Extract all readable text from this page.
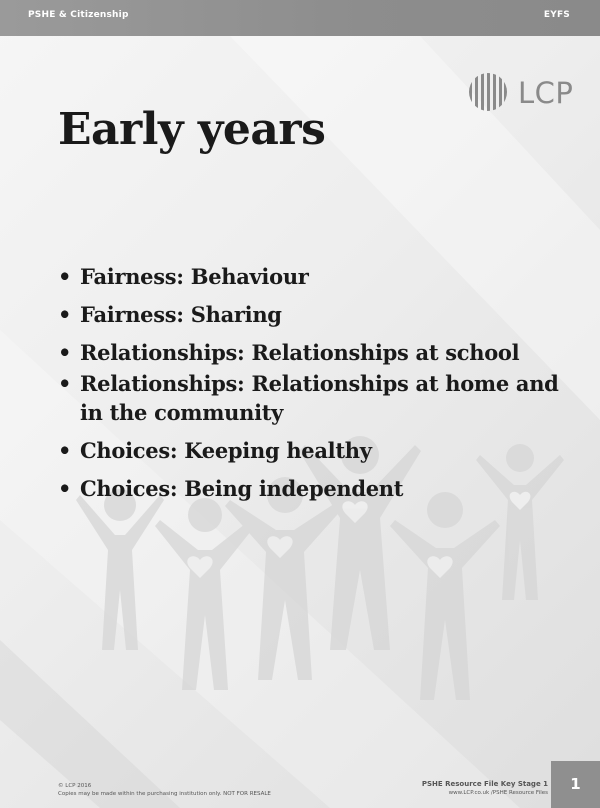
PSHE & Citizenship	EYFS
LCP
Early years
• Fairness: Behaviour
• Fairness: Sharing
• Relationships: Relationships at school
• Relationships: Relationships at home and in the community
• Choices: Keeping healthy
• Choices: Being independent
© LCP 2016
Copies may be made within the purchasing institution only. NOT FOR RESALE
PSHE Resource File Key Stage 1
www.LCP.co.uk /PSHE Resource Files	1
